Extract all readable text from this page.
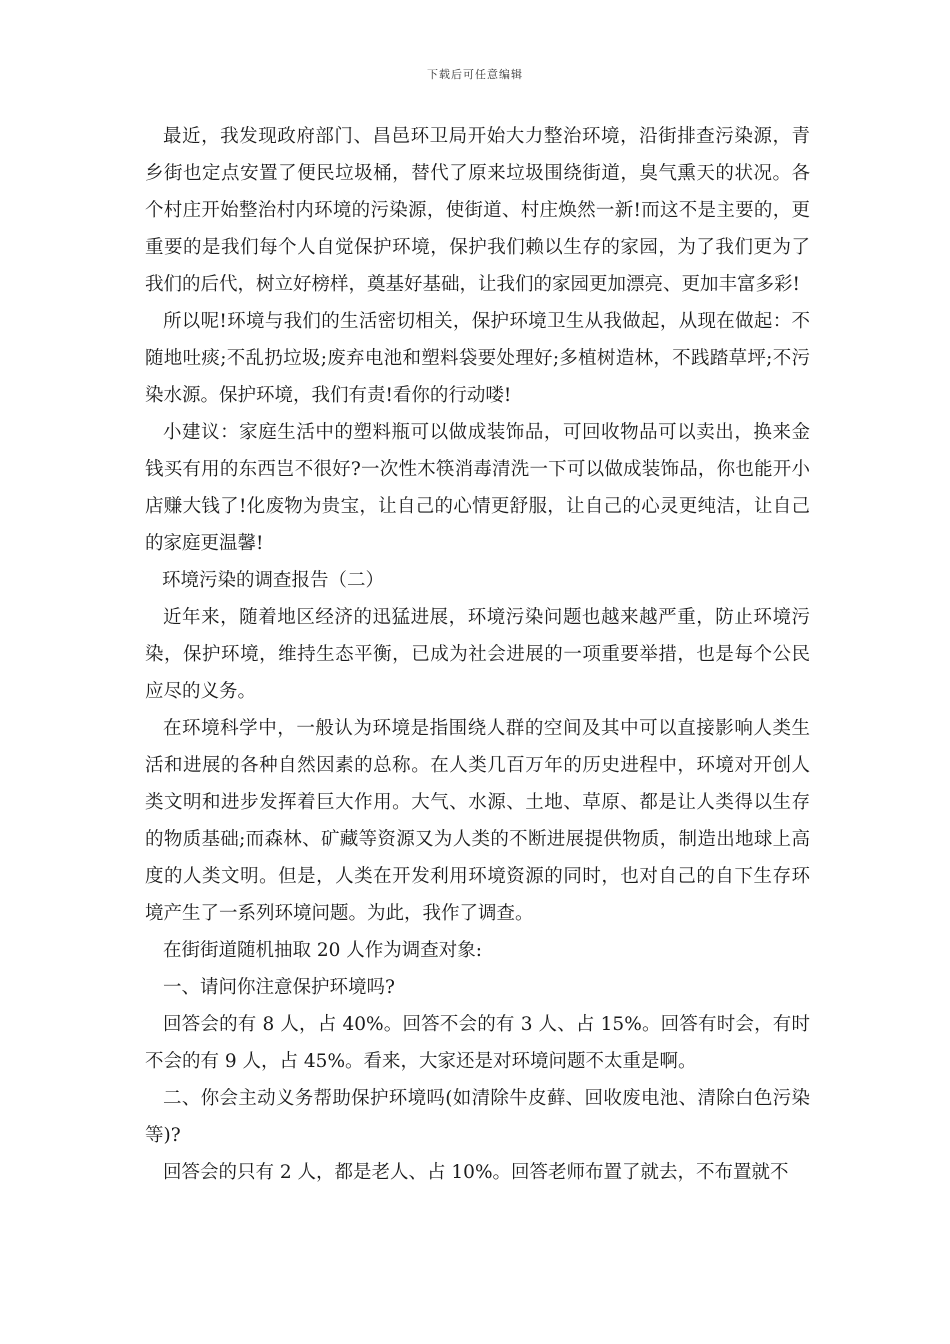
下载后可任意编辑

最近，我发现政府部门、昌邑环卫局开始大力整治环境，沿街排查污染源，青乡街也定点安置了便民垃圾桶，替代了原来垃圾围绕街道，臭气熏天的状况。各个村庄开始整治村内环境的污染源，使街道、村庄焕然一新!而这不是主要的，更重要的是我们每个人自觉保护环境，保护我们赖以生存的家园，为了我们更为了我们的后代，树立好榜样，奠基好基础，让我们的家园更加漂亮、更加丰富多彩!

所以呢!环境与我们的生活密切相关，保护环境卫生从我做起，从现在做起：不随地吐痰;不乱扔垃圾;废弃电池和塑料袋要处理好;多植树造林，不践踏草坪;不污染水源。保护环境，我们有责!看你的行动喽!

小建议：家庭生活中的塑料瓶可以做成装饰品，可回收物品可以卖出，换来金钱买有用的东西岂不很好?一次性木筷消毒清洗一下可以做成装饰品，你也能开小店赚大钱了!化废物为贵宝，让自己的心情更舒服，让自己的心灵更纯洁，让自己的家庭更温馨!

环境污染的调查报告（二）

近年来，随着地区经济的迅猛进展，环境污染问题也越来越严重，防止环境污染，保护环境，维持生态平衡，已成为社会进展的一项重要举措，也是每个公民应尽的义务。

在环境科学中，一般认为环境是指围绕人群的空间及其中可以直接影响人类生活和进展的各种自然因素的总称。在人类几百万年的历史进程中，环境对开创人类文明和进步发挥着巨大作用。大气、水源、土地、草原、都是让人类得以生存的物质基础;而森林、矿藏等资源又为人类的不断进展提供物质，制造出地球上高度的人类文明。但是，人类在开发利用环境资源的同时，也对自己的自下生存环境产生了一系列环境问题。为此，我作了调查。

在街街道随机抽取 20 人作为调查对象:

一、请问你注意保护环境吗?

回答会的有 8 人，占 40%。回答不会的有 3 人、占 15%。回答有时会，有时不会的有 9 人，占 45%。看来，大家还是对环境问题不太重是啊。

二、你会主动义务帮助保护环境吗(如清除牛皮藓、回收废电池、清除白色污染等)?

回答会的只有 2 人，都是老人、占 10%。回答老师布置了就去，不布置就不
